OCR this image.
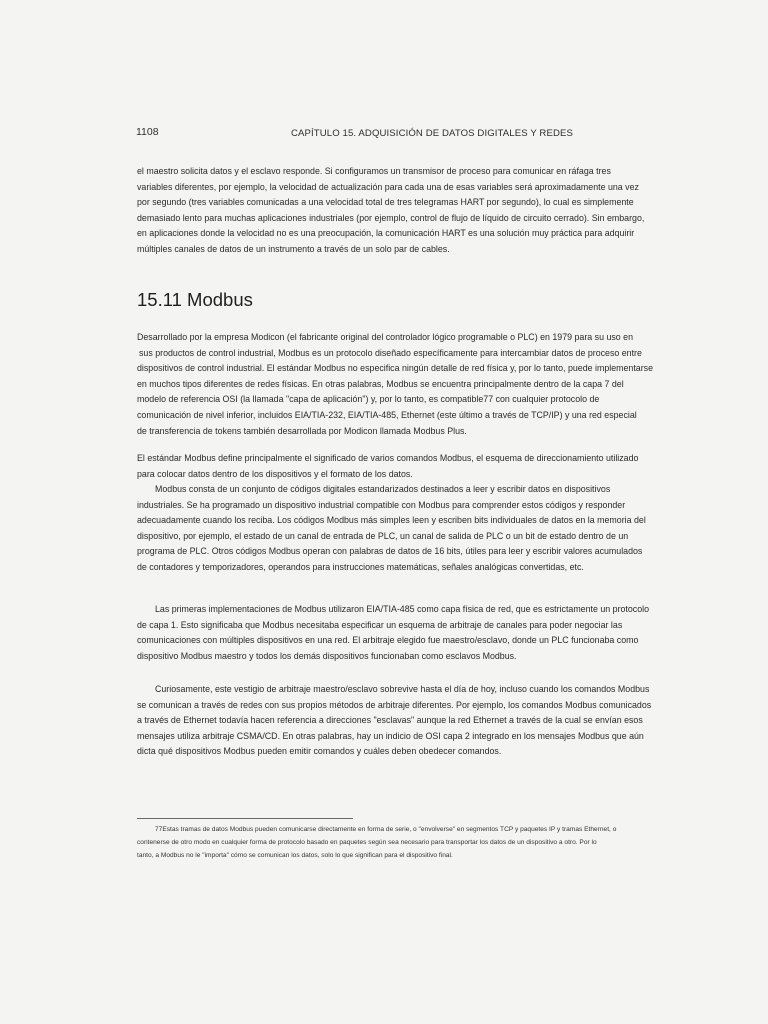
1108	CAPÍTULO 15. ADQUISICIÓN DE DATOS DIGITALES Y REDES

el maestro solicita datos y el esclavo responde. Si configuramos un transmisor de proceso para comunicar en ráfaga tres
variables diferentes, por ejemplo, la velocidad de actualización para cada una de esas variables será aproximadamente una vez
por segundo (tres variables comunicadas a una velocidad total de tres telegramas HART por segundo), lo cual es simplemente
demasiado lento para muchas aplicaciones industriales (por ejemplo, control de flujo de líquido de circuito cerrado). Sin embargo,
en aplicaciones donde la velocidad no es una preocupación, la comunicación HART es una solución muy práctica para adquirir
múltiples canales de datos de un instrumento a través de un solo par de cables.

15.11 Modbus

Desarrollado por la empresa Modicon (el fabricante original del controlador lógico programable o PLC) en 1979 para su uso en
sus productos de control industrial, Modbus es un protocolo diseñado específicamente para intercambiar datos de proceso entre
dispositivos de control industrial. El estándar Modbus no especifica ningún detalle de red física y, por lo tanto, puede implementarse
en muchos tipos diferentes de redes físicas. En otras palabras, Modbus se encuentra principalmente dentro de la capa 7 del
modelo de referencia OSI (la llamada "capa de aplicación") y, por lo tanto, es compatible77 con cualquier protocolo de
comunicación de nivel inferior, incluidos EIA/TIA-232, EIA/TIA-485, Ethernet (este último a través de TCP/IP) y una red especial
de transferencia de tokens también desarrollada por Modicon llamada Modbus Plus.

El estándar Modbus define principalmente el significado de varios comandos Modbus, el esquema de direccionamiento utilizado
para colocar datos dentro de los dispositivos y el formato de los datos.

Modbus consta de un conjunto de códigos digitales estandarizados destinados a leer y escribir datos en dispositivos
industriales. Se ha programado un dispositivo industrial compatible con Modbus para comprender estos códigos y responder
adecuadamente cuando los reciba. Los códigos Modbus más simples leen y escriben bits individuales de datos en la memoria del
dispositivo, por ejemplo, el estado de un canal de entrada de PLC, un canal de salida de PLC o un bit de estado dentro de un
programa de PLC. Otros códigos Modbus operan con palabras de datos de 16 bits, útiles para leer y escribir valores acumulados
de contadores y temporizadores, operandos para instrucciones matemáticas, señales analógicas convertidas, etc.

Las primeras implementaciones de Modbus utilizaron EIA/TIA-485 como capa física de red, que es estrictamente un protocolo
de capa 1. Esto significaba que Modbus necesitaba especificar un esquema de arbitraje de canales para poder negociar las
comunicaciones con múltiples dispositivos en una red. El arbitraje elegido fue maestro/esclavo, donde un PLC funcionaba como
dispositivo Modbus maestro y todos los demás dispositivos funcionaban como esclavos Modbus.

Curiosamente, este vestigio de arbitraje maestro/esclavo sobrevive hasta el día de hoy, incluso cuando los comandos Modbus
se comunican a través de redes con sus propios métodos de arbitraje diferentes. Por ejemplo, los comandos Modbus comunicados
a través de Ethernet todavía hacen referencia a direcciones "esclavas" aunque la red Ethernet a través de la cual se envían esos
mensajes utiliza arbitraje CSMA/CD. En otras palabras, hay un indicio de OSI capa 2 integrado en los mensajes Modbus que aún
dicta qué dispositivos Modbus pueden emitir comandos y cuáles deben obedecer comandos.

77Estas tramas de datos Modbus pueden comunicarse directamente en forma de serie, o "envolverse" en segmentos TCP y paquetes IP y tramas Ethernet, o
contenerse de otro modo en cualquier forma de protocolo basado en paquetes según sea necesario para transportar los datos de un dispositivo a otro. Por lo
tanto, a Modbus no le "importa" cómo se comunican los datos, solo lo que significan para el dispositivo final.
